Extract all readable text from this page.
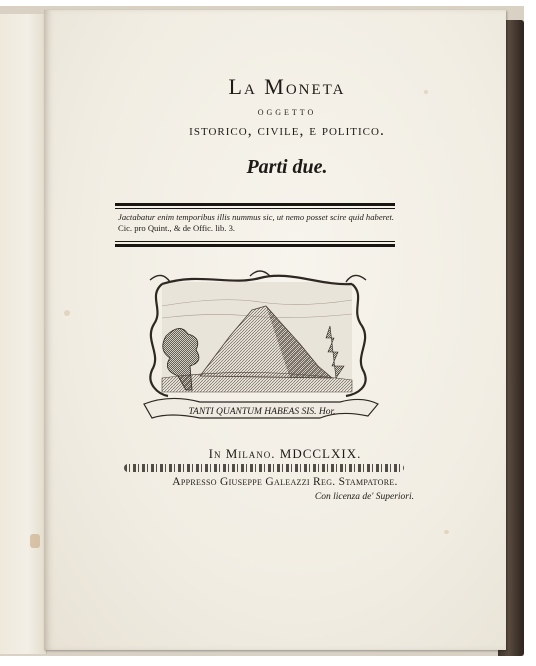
La Moneta
oggetto
istorico, civile, e politico.
Parti due.
Jactabatur enim temporibus illis nummus sic, ut nemo posset scire quid haberet. Cic. pro Quint., & de Offic. lib. 3.
TANTI QUANTUM HABEAS SIS. Hor.
In Milano. MDCCLXIX.
Appresso Giuseppe Galeazzi Reg. Stampatore.
Con licenza de' Superiori.
